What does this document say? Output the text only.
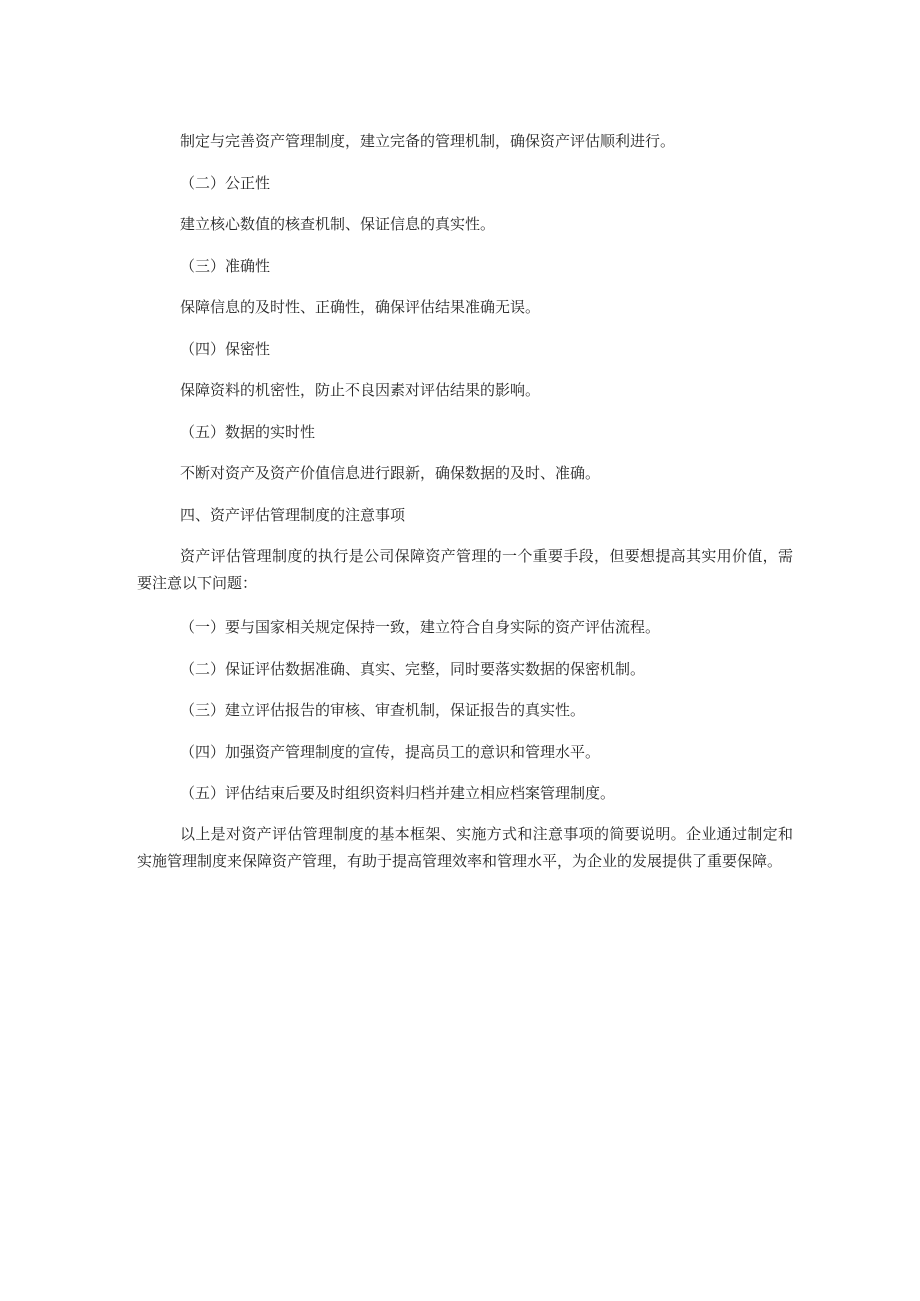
制定与完善资产管理制度，建立完备的管理机制，确保资产评估顺利进行。

（二）公正性

建立核心数值的核查机制、保证信息的真实性。

（三）准确性

保障信息的及时性、正确性，确保评估结果准确无误。

（四）保密性

保障资料的机密性，防止不良因素对评估结果的影响。

（五）数据的实时性

不断对资产及资产价值信息进行跟新，确保数据的及时、准确。

四、资产评估管理制度的注意事项

资产评估管理制度的执行是公司保障资产管理的一个重要手段，但要想提高其实用价值，需要注意以下问题：

（一）要与国家相关规定保持一致，建立符合自身实际的资产评估流程。

（二）保证评估数据准确、真实、完整，同时要落实数据的保密机制。

（三）建立评估报告的审核、审查机制，保证报告的真实性。

（四）加强资产管理制度的宣传，提高员工的意识和管理水平。

（五）评估结束后要及时组织资料归档并建立相应档案管理制度。

以上是对资产评估管理制度的基本框架、实施方式和注意事项的简要说明。企业通过制定和实施管理制度来保障资产管理，有助于提高管理效率和管理水平，为企业的发展提供了重要保障。
